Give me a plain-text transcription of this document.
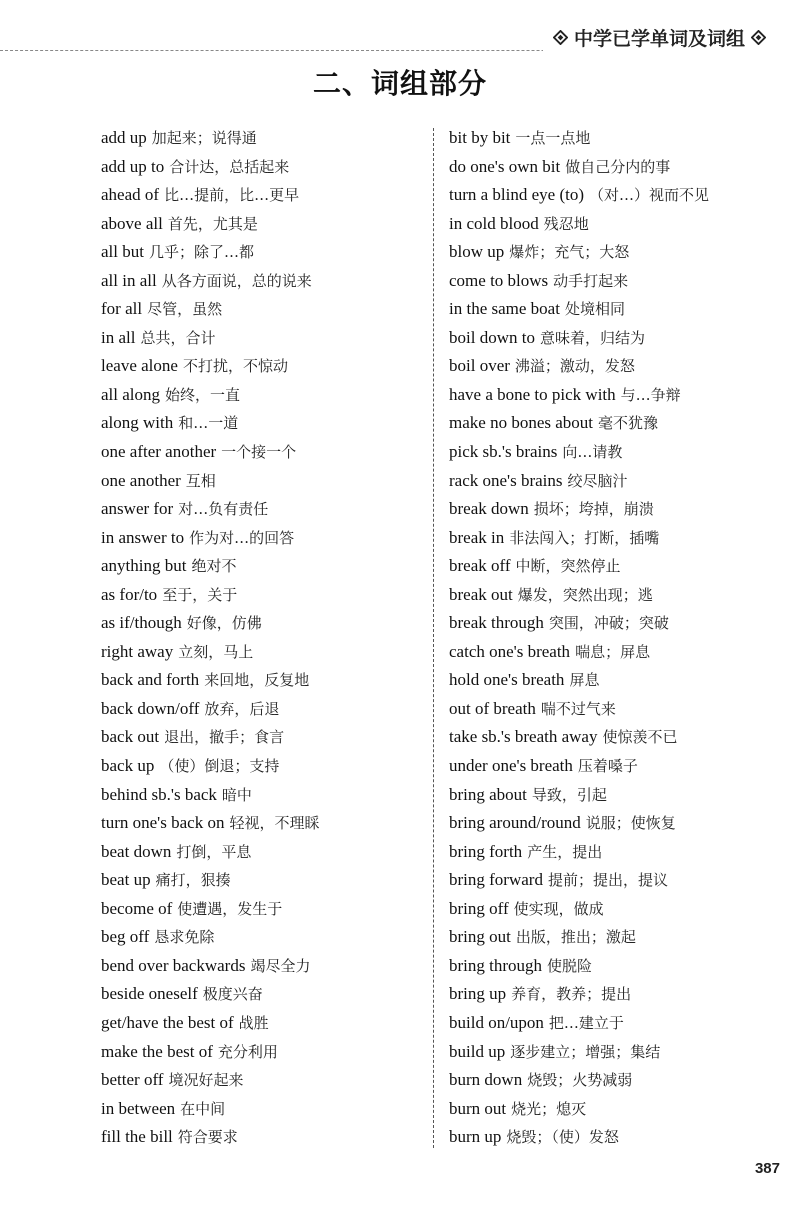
中学已学单词及词组
二、词组部分
add up 加起来；说得通
add up to 合计达，总括起来
ahead of 比…提前，比…更早
above all 首先，尤其是
all but 几乎；除了…都
all in all 从各方面说，总的说来
for all 尽管，虽然
in all 总共，合计
leave alone 不打扰，不惊动
all along 始终，一直
along with 和…一道
one after another 一个接一个
one another 互相
answer for 对…负有责任
in answer to 作为对…的回答
anything but 绝对不
as for/to 至于，关于
as if/though 好像，仿佛
right away 立刻，马上
back and forth 来回地，反复地
back down/off 放弃，后退
back out 退出，撤手；食言
back up （使）倒退；支持
behind sb.'s back 暗中
turn one's back on 轻视，不理睬
beat down 打倒，平息
beat up 痛打，狠揍
become of 使遭遇，发生于
beg off 恳求免除
bend over backwards 竭尽全力
beside oneself 极度兴奋
get/have the best of 战胜
make the best of 充分利用
better off 境况好起来
in between 在中间
fill the bill 符合要求
bit by bit 一点一点地
do one's own bit 做自己分内的事
turn a blind eye (to) （对…）视而不见
in cold blood 残忍地
blow up 爆炸；充气；大怒
come to blows 动手打起来
in the same boat 处境相同
boil down to 意味着，归结为
boil over 沸溢；激动，发怒
have a bone to pick with 与…争辩
make no bones about 毫不犹豫
pick sb.'s brains 向…请教
rack one's brains 绞尽脑汁
break down 损坏；垮掉，崩溃
break in 非法闯入；打断，插嘴
break off 中断，突然停止
break out 爆发，突然出现；逃
break through 突围，冲破；突破
catch one's breath 喘息；屏息
hold one's breath 屏息
out of breath 喘不过气来
take sb.'s breath away 使惊羡不已
under one's breath 压着嗓子
bring about 导致，引起
bring around/round 说服；使恢复
bring forth 产生，提出
bring forward 提前；提出，提议
bring off 使实现，做成
bring out 出版，推出；激起
bring through 使脱险
bring up 养育，教养；提出
build on/upon 把…建立于
build up 逐步建立；增强；集结
burn down 烧毁；火势减弱
burn out 烧光；熄灭
burn up 烧毁；（使）发怒
387
